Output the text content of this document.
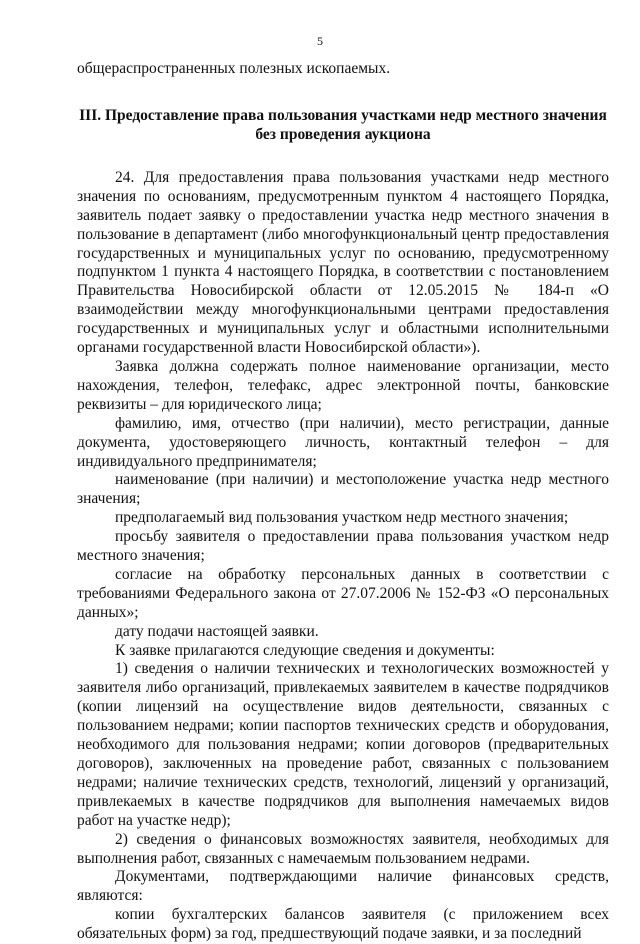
5

общераспространенных полезных ископаемых.

III. Предоставление права пользования участками недр местного значения
без проведения аукциона

24. Для предоставления права пользования участками недр местного значения по основаниям, предусмотренным пунктом 4 настоящего Порядка, заявитель подает заявку о предоставлении участка недр местного значения в пользование в департамент (либо многофункциональный центр предоставления государственных и муниципальных услуг по основанию, предусмотренному подпунктом 1 пункта 4 настоящего Порядка, в соответствии с постановлением Правительства Новосибирской области от 12.05.2015 № 184-п «О взаимодействии между многофункциональными центрами предоставления государственных и муниципальных услуг и областными исполнительными органами государственной власти Новосибирской области»).

Заявка должна содержать полное наименование организации, место нахождения, телефон, телефакс, адрес электронной почты, банковские реквизиты – для юридического лица;

фамилию, имя, отчество (при наличии), место регистрации, данные документа, удостоверяющего личность, контактный телефон – для индивидуального предпринимателя;

наименование (при наличии) и местоположение участка недр местного значения;

предполагаемый вид пользования участком недр местного значения;

просьбу заявителя о предоставлении права пользования участком недр местного значения;

согласие на обработку персональных данных в соответствии с требованиями Федерального закона от 27.07.2006 № 152-ФЗ «О персональных данных»;

дату подачи настоящей заявки.

К заявке прилагаются следующие сведения и документы:

1) сведения о наличии технических и технологических возможностей у заявителя либо организаций, привлекаемых заявителем в качестве подрядчиков (копии лицензий на осуществление видов деятельности, связанных с пользованием недрами; копии паспортов технических средств и оборудования, необходимого для пользования недрами; копии договоров (предварительных договоров), заключенных на проведение работ, связанных с пользованием недрами; наличие технических средств, технологий, лицензий у организаций, привлекаемых в качестве подрядчиков для выполнения намечаемых видов работ на участке недр);

2) сведения о финансовых возможностях заявителя, необходимых для выполнения работ, связанных с намечаемым пользованием недрами.

Документами, подтверждающими наличие финансовых средств, являются:

копии бухгалтерских балансов заявителя (с приложением всех обязательных форм) за год, предшествующий подаче заявки, и за последний
